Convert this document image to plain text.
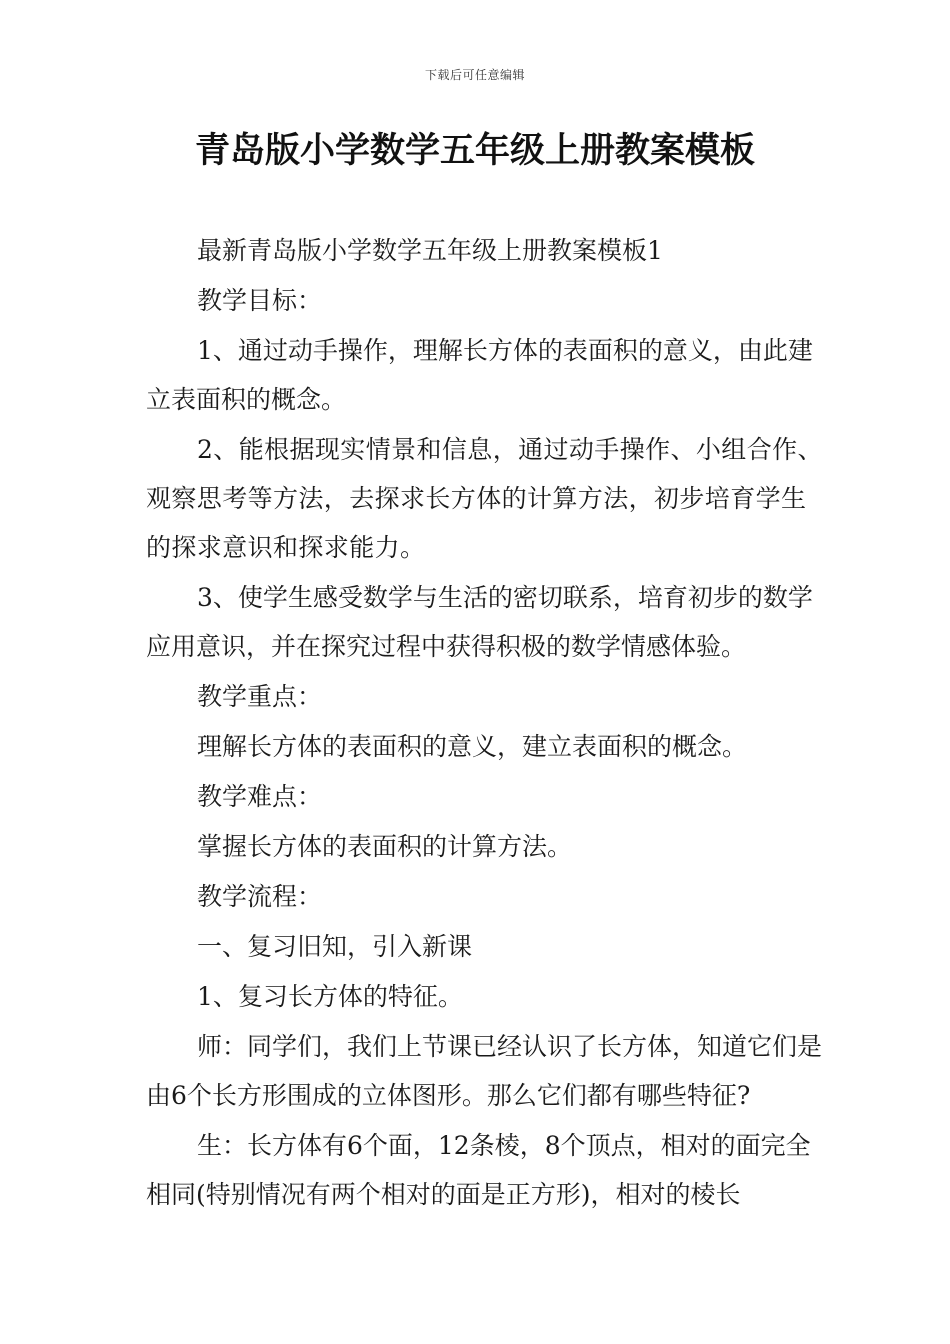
下载后可任意编辑
青岛版小学数学五年级上册教案模板

最新青岛版小学数学五年级上册教案模板1

教学目标：

1、通过动手操作，理解长方体的表面积的意义，由此建立表面积的概念。

2、能根据现实情景和信息，通过动手操作、小组合作、观察思考等方法，去探求长方体的计算方法，初步培育学生的探求意识和探求能力。

3、使学生感受数学与生活的密切联系，培育初步的数学应用意识，并在探究过程中获得积极的数学情感体验。

教学重点：

理解长方体的表面积的意义，建立表面积的概念。

教学难点：

掌握长方体的表面积的计算方法。

教学流程：

一、复习旧知，引入新课

1、复习长方体的特征。

师：同学们，我们上节课已经认识了长方体，知道它们是由6个长方形围成的立体图形。那么它们都有哪些特征?

生：长方体有6个面，12条棱，8个顶点，相对的面完全相同(特别情况有两个相对的面是正方形)，相对的棱长
